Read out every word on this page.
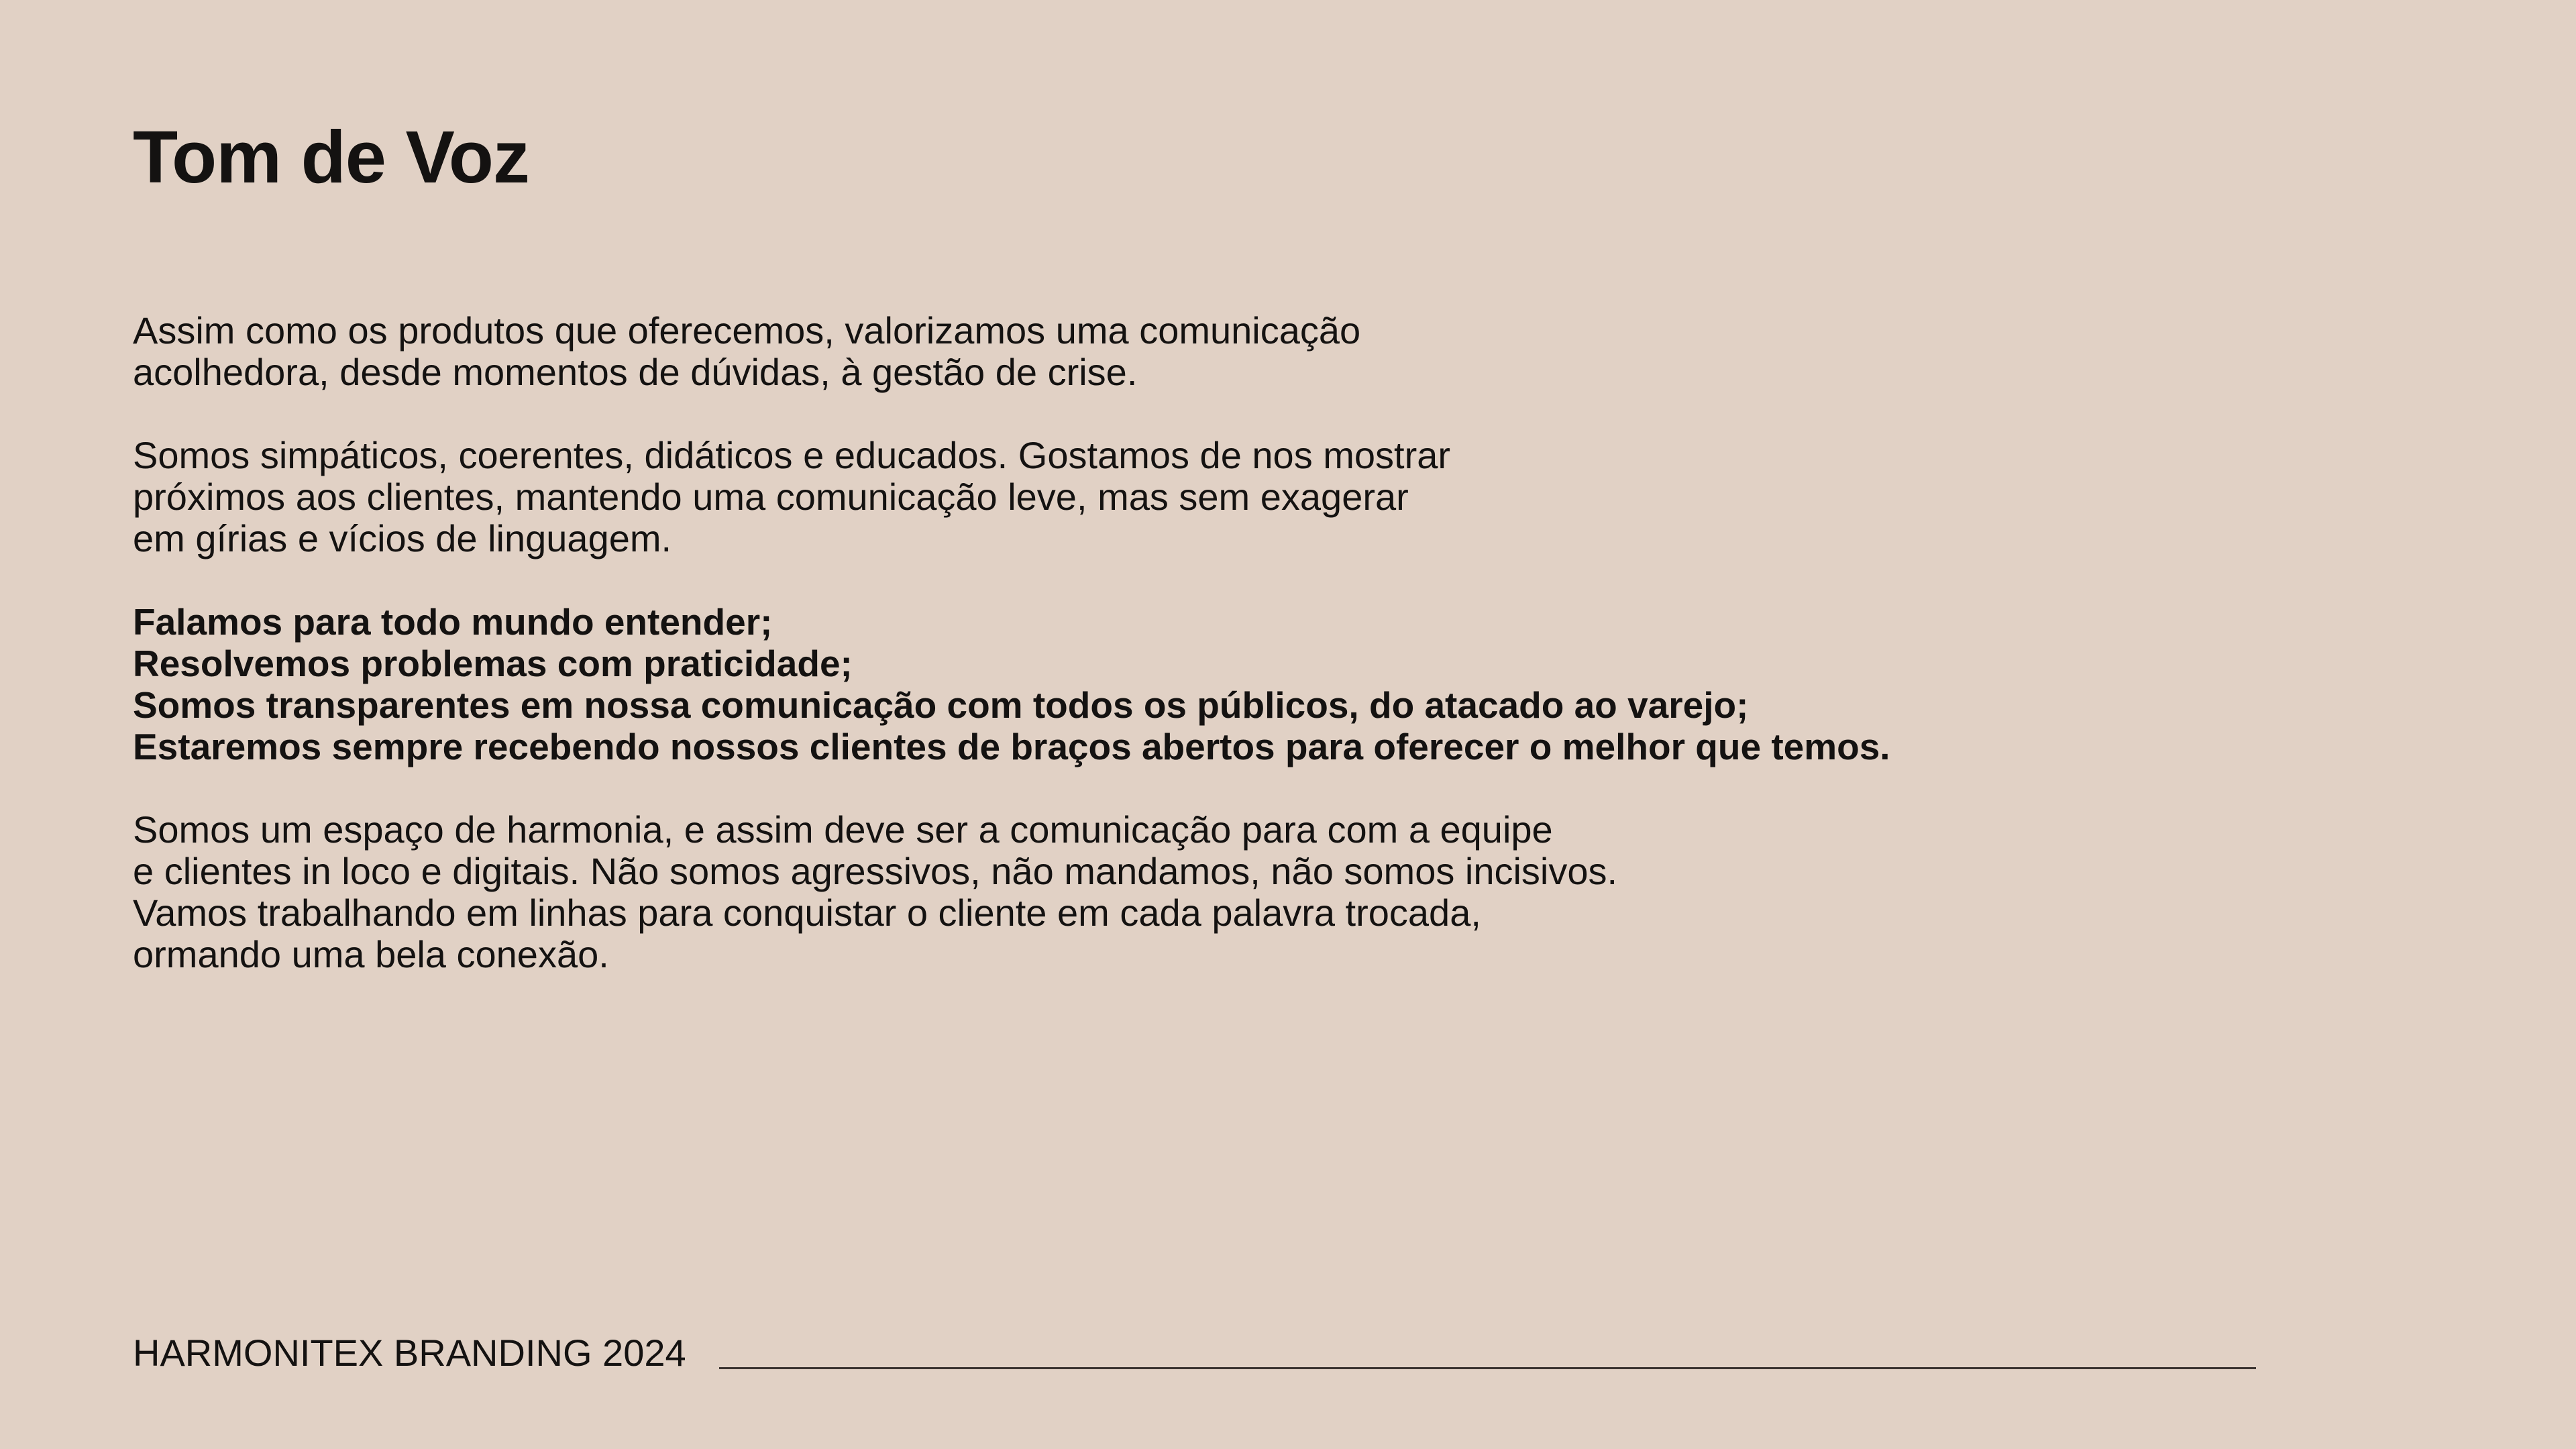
Tom de Voz

Assim como os produtos que oferecemos, valorizamos uma comunicação
acolhedora, desde momentos de dúvidas, à gestão de crise.

Somos simpáticos, coerentes, didáticos e educados. Gostamos de nos mostrar
próximos aos clientes, mantendo uma comunicação leve, mas sem exagerar
em gírias e vícios de linguagem.

Falamos para todo mundo entender;
Resolvemos problemas com praticidade;
Somos transparentes em nossa comunicação com todos os públicos, do atacado ao varejo;
Estaremos sempre recebendo nossos clientes de braços abertos para oferecer o melhor que temos.

Somos um espaço de harmonia, e assim deve ser a comunicação para com a equipe
e clientes in loco e digitais. Não somos agressivos, não mandamos, não somos incisivos.
Vamos trabalhando em linhas para conquistar o cliente em cada palavra trocada,
ormando uma bela conexão.

HARMONITEX BRANDING 2024
